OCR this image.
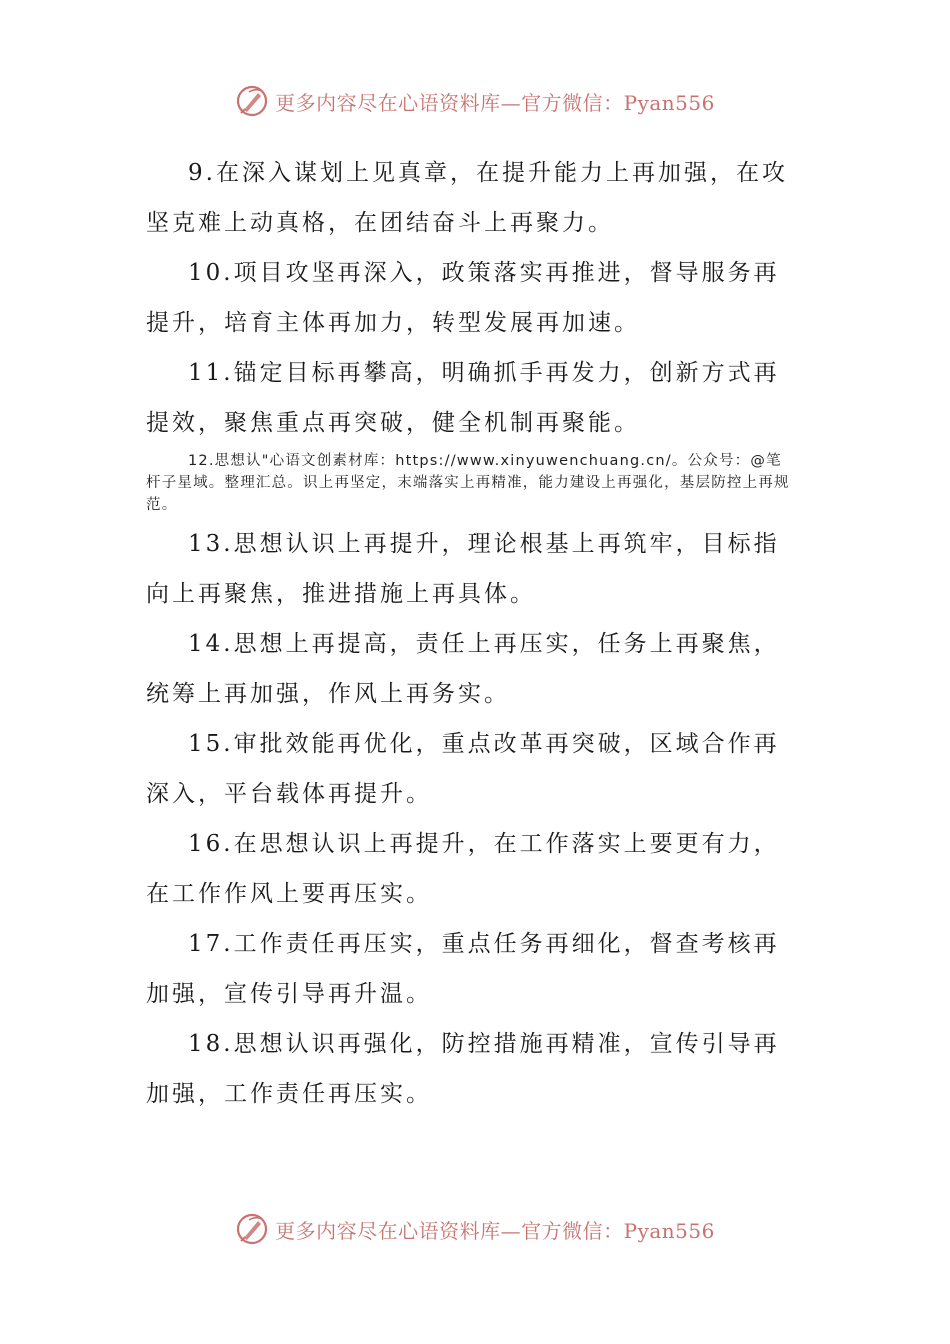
更多内容尽在心语资料库—官方微信：Pyan556

9.在深入谋划上见真章，在提升能力上再加强，在攻坚克难上动真格，在团结奋斗上再聚力。

10.项目攻坚再深入，政策落实再推进，督导服务再提升，培育主体再加力，转型发展再加速。

11.锚定目标再攀高，明确抓手再发力，创新方式再提效，聚焦重点再突破，健全机制再聚能。

12.思想认"心语文创素材库：https://www.xinyuwenchuang.cn/。公众号：@笔杆子星域。整理汇总。识上再坚定，末端落实上再精准，能力建设上再强化，基层防控上再规范。

13.思想认识上再提升，理论根基上再筑牢，目标指向上再聚焦，推进措施上再具体。

14.思想上再提高，责任上再压实，任务上再聚焦，统筹上再加强，作风上再务实。

15.审批效能再优化，重点改革再突破，区域合作再深入，平台载体再提升。

16.在思想认识上再提升，在工作落实上要更有力，在工作作风上要再压实。

17.工作责任再压实，重点任务再细化，督查考核再加强，宣传引导再升温。

18.思想认识再强化，防控措施再精准，宣传引导再加强，工作责任再压实。

更多内容尽在心语资料库—官方微信：Pyan556
